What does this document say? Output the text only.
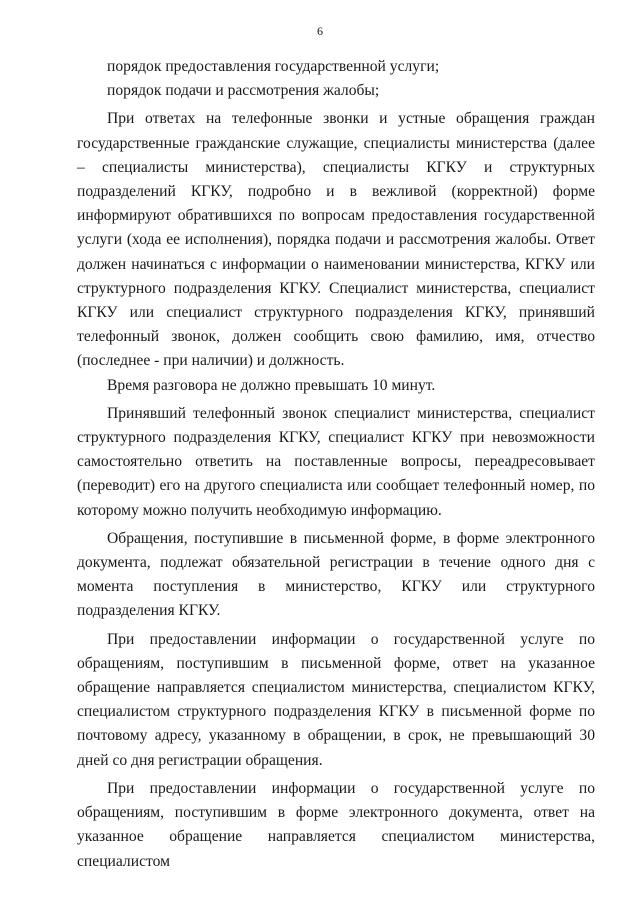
6

порядок предоставления государственной услуги;

порядок подачи и рассмотрения жалобы;

При ответах на телефонные звонки и устные обращения граждан государственные гражданские служащие, специалисты министерства (далее – специалисты министерства), специалисты КГКУ и структурных подразделений КГКУ, подробно и в вежливой (корректной) форме информируют обратившихся по вопросам предоставления государственной услуги (хода ее исполнения), порядка подачи и рассмотрения жалобы. Ответ должен начинаться с информации о наименовании министерства, КГКУ или структурного подразделения КГКУ. Специалист министерства, специалист КГКУ или специалист структурного подразделения КГКУ, принявший телефонный звонок, должен сообщить свою фамилию, имя, отчество (последнее - при наличии) и должность.

Время разговора не должно превышать 10 минут.

Принявший телефонный звонок специалист министерства, специалист структурного подразделения КГКУ, специалист КГКУ при невозможности самостоятельно ответить на поставленные вопросы, переадресовывает (переводит) его на другого специалиста или сообщает телефонный номер, по которому можно получить необходимую информацию.

Обращения, поступившие в письменной форме, в форме электронного документа, подлежат обязательной регистрации в течение одного дня с момента поступления в министерство, КГКУ или структурного подразделения КГКУ.

При предоставлении информации о государственной услуге по обращениям, поступившим в письменной форме, ответ на указанное обращение направляется специалистом министерства, специалистом КГКУ, специалистом структурного подразделения КГКУ в письменной форме по почтовому адресу, указанному в обращении, в срок, не превышающий 30 дней со дня регистрации обращения.

При предоставлении информации о государственной услуге по обращениям, поступившим в форме электронного документа, ответ на указанное обращение направляется специалистом министерства, специалистом
